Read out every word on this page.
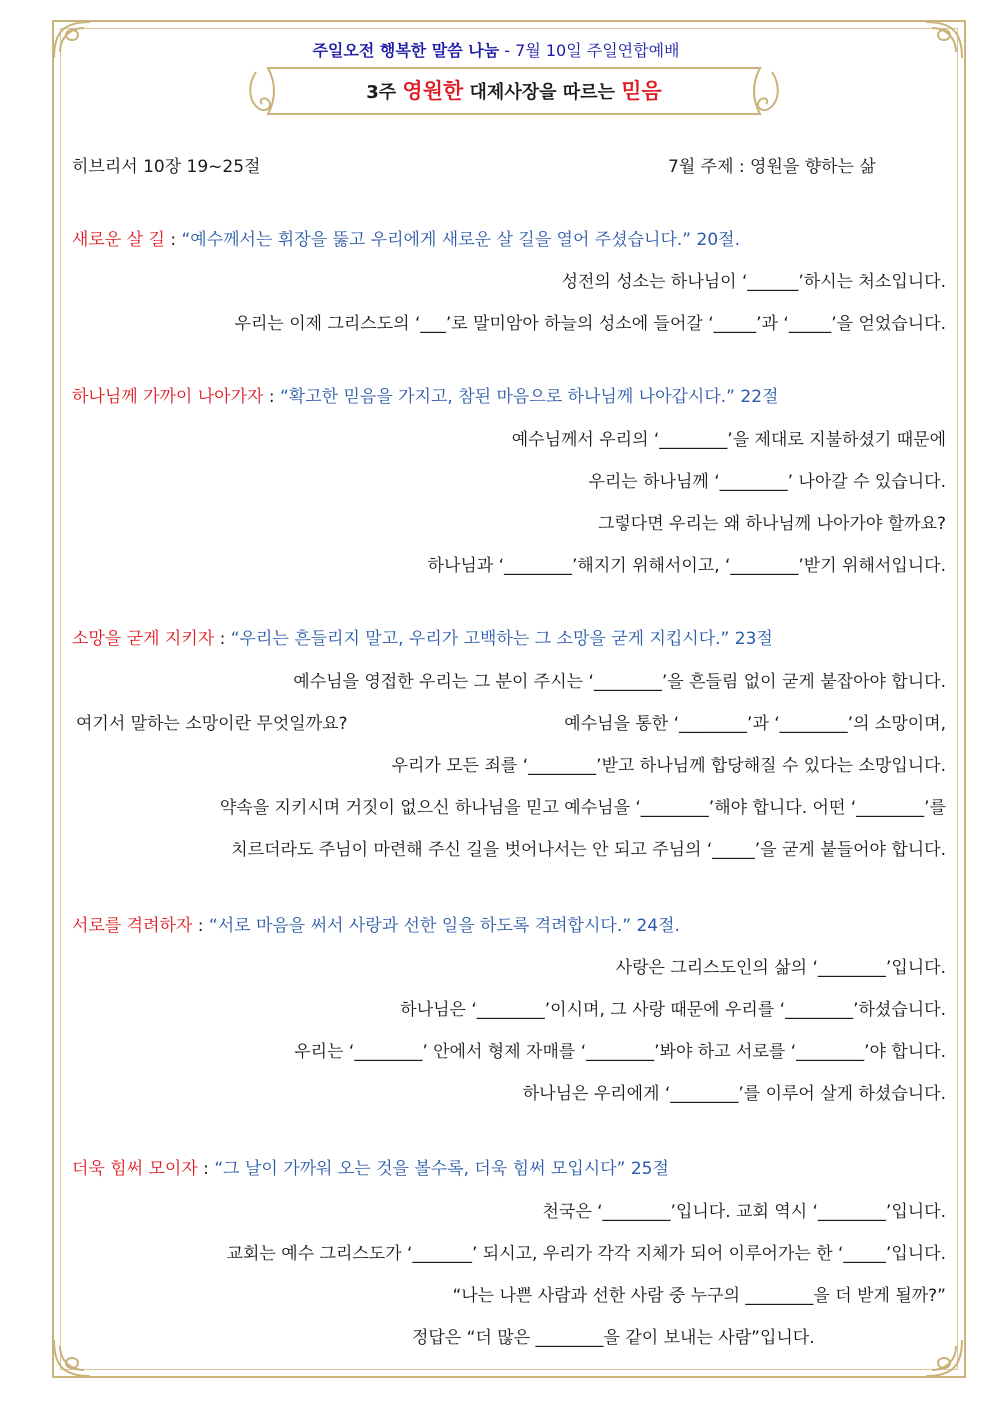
주일오전 행복한 말씀 나눔 - 7월 10일 주일연합예배
3주 영원한 대제사장을 따르는 믿음
히브리서 10장 19~25절	7월 주제 : 영원을 향하는 삶
새로운 살 길 : “예수께서는 휘장을 뚫고 우리에게 새로운 살 길을 열어 주셨습니다.” 20절.
성전의 성소는 하나님이 ‘______’하시는 처소입니다.
우리는 이제 그리스도의 ‘___’로 말미암아 하늘의 성소에 들어갈 ‘_____’과 ‘_____’을 얻었습니다.
하나님께 가까이 나아가자 : “확고한 믿음을 가지고, 참된 마음으로 하나님께 나아갑시다.” 22절
예수님께서 우리의 ‘________’을 제대로 지불하셨기 때문에
우리는 하나님께 ‘________’ 나아갈 수 있습니다.
그렇다면 우리는 왜 하나님께 나아가야 할까요?
하나님과 ‘________’해지기 위해서이고, ‘________’받기 위해서입니다.
소망을 굳게 지키자 : “우리는 흔들리지 말고, 우리가 고백하는 그 소망을 굳게 지킵시다.” 23절
예수님을 영접한 우리는 그 분이 주시는 ‘________’을 흔들림 없이 굳게 붙잡아야 합니다.
여기서 말하는 소망이란 무엇일까요?	예수님을 통한 ‘________’과 ‘________’의 소망이며,
우리가 모든 죄를 ‘________’받고 하나님께 합당해질 수 있다는 소망입니다.
약속을 지키시며 거짓이 없으신 하나님을 믿고 예수님을 ‘________’해야 합니다. 어떤 ‘________’를
치르더라도 주님이 마련해 주신 길을 벗어나서는 안 되고 주님의 ‘_____’을 굳게 붙들어야 합니다.
서로를 격려하자 : “서로 마음을 써서 사랑과 선한 일을 하도록 격려합시다.” 24절.
사랑은 그리스도인의 삶의 ‘________’입니다.
하나님은 ‘________’이시며, 그 사랑 때문에 우리를 ‘________’하셨습니다.
우리는 ‘________’ 안에서 형제 자매를 ‘________’봐야 하고 서로를 ‘________’야 합니다.
하나님은 우리에게 ‘________’를 이루어 살게 하셨습니다.
더욱 힘써 모이자 : “그 날이 가까워 오는 것을 볼수록, 더욱 힘써 모입시다” 25절
천국은 ‘________’입니다. 교회 역시 ‘________’입니다.
교회는 예수 그리스도가 ‘_______’ 되시고, 우리가 각각 지체가 되어 이루어가는 한 ‘_____’입니다.
“나는 나쁜 사람과 선한 사람 중 누구의 ________을 더 받게 될까?”
정답은 “더 많은 ________을 같이 보내는 사람”입니다.
